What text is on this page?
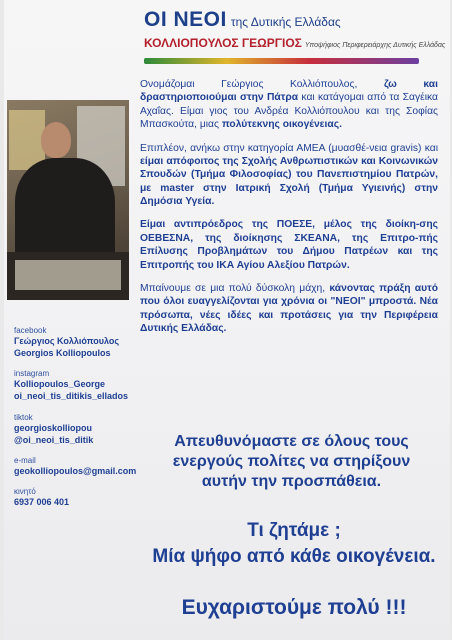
ΟΙ ΝΕΟΙ της Δυτικής Ελλάδας
ΚΟΛΛΙΟΠΟΥΛΟΣ ΓΕΩΡΓΙΟΣ Υποψήφιος Περιφερειάρχης Δυτικής Ελλάδας

Ονομάζομαι Γεώργιος Κολλιόπουλος, ζω και δραστηριοποιούμαι στην Πάτρα και κατάγομαι από τα Σαγέικα Αχαΐας. Είμαι γιος του Ανδρέα Κολλιόπουλου και της Σοφίας Μπασκούτα, μιας πολύτεκνης οικογένειας.

Επιπλέον, ανήκω στην κατηγορία ΑΜΕΑ (μυασθέ-νεια gravis) και είμαι απόφοιτος της Σχολής Ανθρωπιστικών και Κοινωνικών Σπουδών (Τμήμα Φιλοσοφίας) του Πανεπιστημίου Πατρών, με master στην Ιατρική Σχολή (Τμήμα Υγιεινής) στην Δημόσια Υγεία.

Είμαι αντιπρόεδρος της ΠΟΕΣΕ, μέλος της διοίκη-σης ΟΕΒΕΣΝΑ, της διοίκησης ΣΚΕΑΝΑ, της Επιτρο-πής Επίλυσης Προβλημάτων του Δήμου Πατρέων και της Επιτροπής του ΙΚΑ Αγίου Αλεξίου Πατρών.

Μπαίνουμε σε μια πολύ δύσκολη μάχη, κάνοντας πράξη αυτό που όλοι ευαγγελίζονται για χρόνια οι "ΝΕΟΙ" μπροστά. Νέα πρόσωπα, νέες ιδέες και προτάσεις για την Περιφέρεια Δυτικής Ελλάδας.

facebook
Γεώργιος Κολλιόπουλος
Georgios Kolliopoulos
instagram
Kolliopoulos_George
oi_neoi_tis_ditikis_ellados
tiktok
georgioskolliopou
@oi_neoi_tis_ditik
e-mail
geokolliopoulos@gmail.com
κινητό
6937 006 401
Απευθυνόμαστε σε όλους τους ενεργούς πολίτες να στηρίξουν αυτήν την προσπάθεια.
Τι ζητάμε ;
Μία ψήφο από κάθε οικογένεια.
Ευχαριστούμε πολύ !!!
